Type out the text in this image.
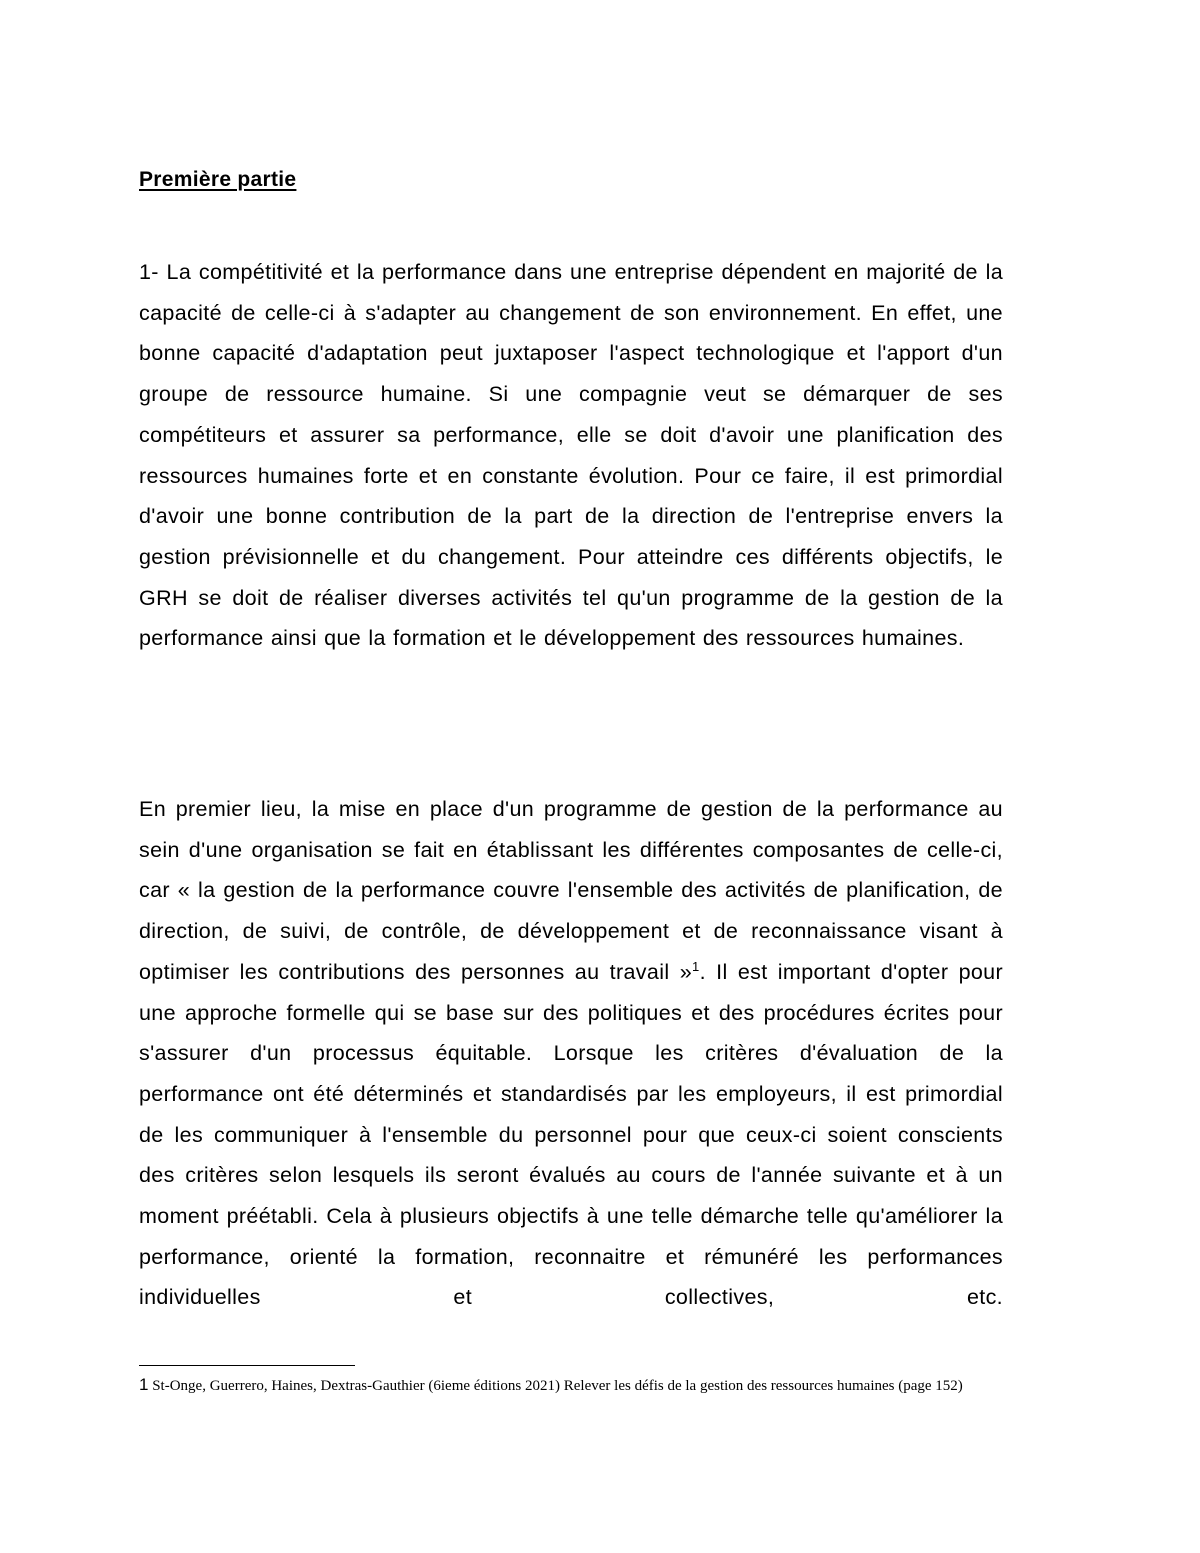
Première partie

1- La compétitivité et la performance dans une entreprise dépendent en majorité de la capacité de celle-ci à s'adapter au changement de son environnement. En effet, une bonne capacité d'adaptation peut juxtaposer l'aspect technologique et l'apport d'un groupe de ressource humaine. Si une compagnie veut se démarquer de ses compétiteurs et assurer sa performance, elle se doit d'avoir une planification des ressources humaines forte et en constante évolution. Pour ce faire, il est primordial d'avoir une bonne contribution de la part de la direction de l'entreprise envers la gestion prévisionnelle et du changement. Pour atteindre ces différents objectifs, le GRH se doit de réaliser diverses activités tel qu'un programme de la gestion de la performance ainsi que la formation et le développement des ressources humaines.

En premier lieu, la mise en place d'un programme de gestion de la performance au sein d'une organisation se fait en établissant les différentes composantes de celle-ci, car « la gestion de la performance couvre l'ensemble des activités de planification, de direction, de suivi, de contrôle, de développement et de reconnaissance visant à optimiser les contributions des personnes au travail »$^1$. Il est important d'opter pour une approche formelle qui se base sur des politiques et des procédures écrites pour s'assurer d'un processus équitable. Lorsque les critères d'évaluation de la performance ont été déterminés et standardisés par les employeurs, il est primordial de les communiquer à l'ensemble du personnel pour que ceux-ci soient conscients des critères selon lesquels ils seront évalués au cours de l'année suivante et à un moment préétabli. Cela à plusieurs objectifs à une telle démarche telle qu'améliorer la performance, orienté la formation, reconnaitre et rémunéré les performances individuelles et collectives, etc.

1 St-Onge, Guerrero, Haines, Dextras-Gauthier (6ieme éditions 2021) Relever les défis de la gestion des ressources humaines (page 152)
